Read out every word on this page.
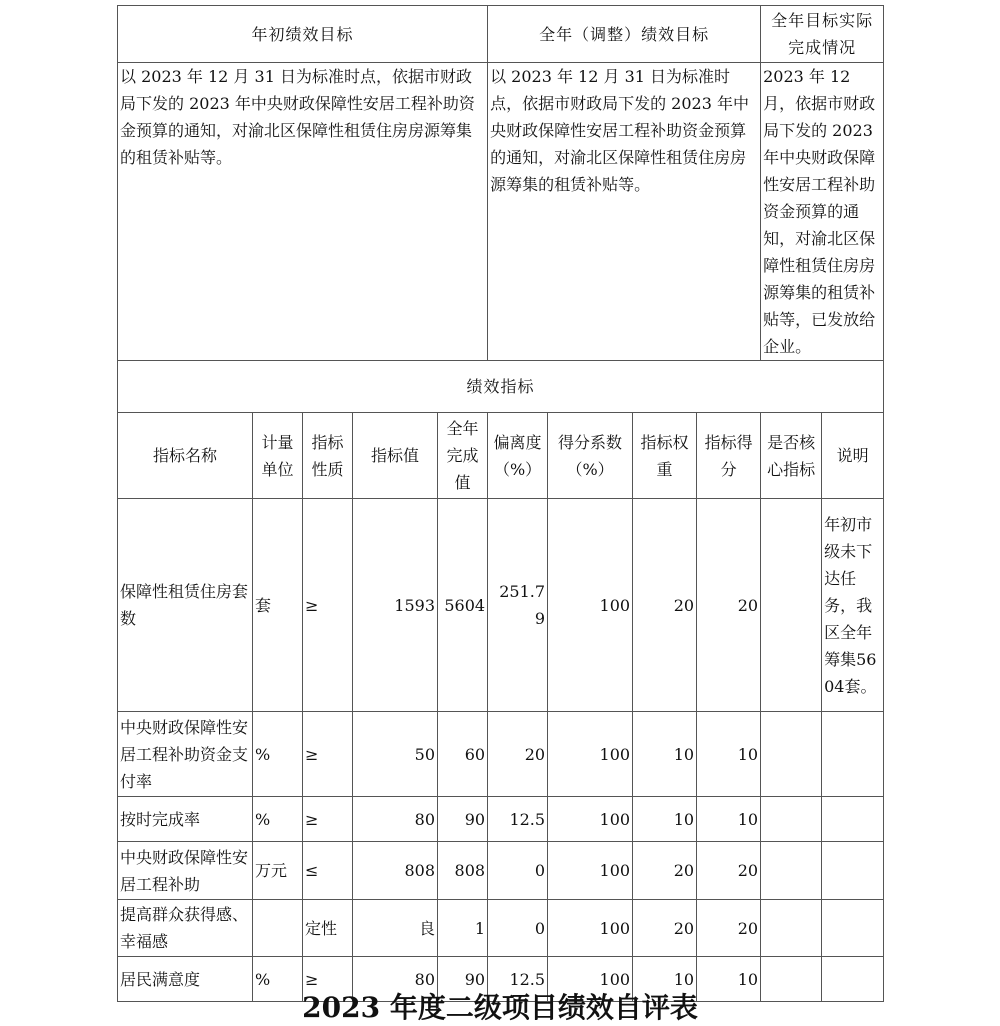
年初绩效目标					全年（调整）绩效目标				全年目标实际完成情况	
以 2023 年 12 月 31 日为标准时点，依据市财政局下发的 2023 年中央财政保障性安居工程补助资金预算的通知，对渝北区保障性租赁住房房源筹集的租赁补贴等。					以 2023 年 12 月 31 日为标准时点，依据市财政局下发的 2023 年中央财政保障性安居工程补助资金预算的通知，对渝北区保障性租赁住房房源筹集的租赁补贴等。				2023 年 12 月，依据市财政局下发的 2023 年中央财政保障性安居工程补助资金预算的通知，对渝北区保障性租赁住房房源筹集的租赁补贴等，已发放给企业。	
绩效指标										
指标名称	计量单位	指标性质	指标值	全年完成值	偏离度（%）	得分系数（%）	指标权重	指标得分	是否核心指标	说明
保障性租赁住房套数	套	≥	1593	5604	251.79	100	20	20		年初市级未下达任务，我区全年筹集5604套。
中央财政保障性安居工程补助资金支付率	%	≥	50	60	20	100	10	10		
按时完成率	%	≥	80	90	12.5	100	10	10		
中央财政保障性安居工程补助	万元	≤	808	808	0	100	20	20		
提高群众获得感、幸福感		定性	良	1	0	100	20	20		
居民满意度	%	≥	80	90	12.5	100	10	10		
2023 年度二级项目绩效自评表
